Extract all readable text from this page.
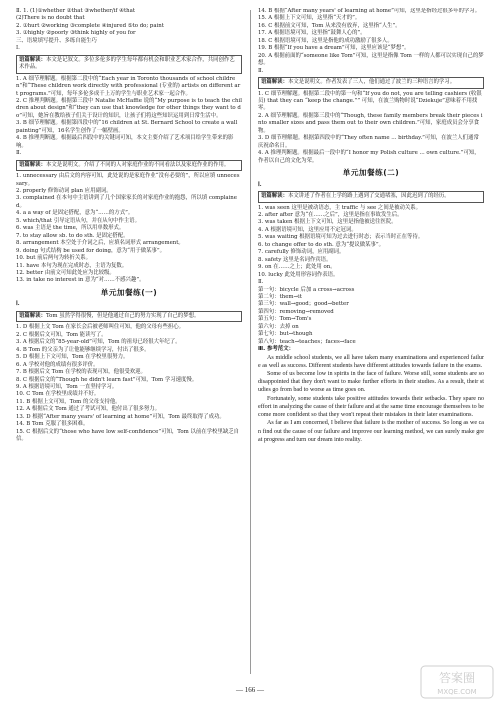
Ⅱ. 1. (1)①whether ②that ③whether/if ④that

(2)There is no doubt that

2. ①hurt ②working ③complete ④injured ⑤to do; paint

3. ①highly ②poorly ③think highly of you for

三、语境填写提升、多练自能生巧

Ⅰ.

语篇解读：本文是记叙文。多位多伦多的学生每年都有机会和职业艺术家合作，共同创作艺术作品。

1. A 细节理解题。根据第二段中的“Each year in Toronto thousands of school children”和“These children work directly with professional (专业的) artists on different art programs.”可知，每年多伦多成千上万的学生与职业艺术家一起合作。

2. C 推理判断题。根据第三段中 Natalie McHaffie 说的“My purpose is to teach the children about design”和“they can use that knowledge for other things they want to do”可知，她旨在教给孩子们关于设计的知识，让孩子们将这些知识运用到日常生活中。

3. B 细节理解题。根据第四段中的“16 children at St. Bernard School to create a wall painting”可知，16名学生创作了一幅壁画。

4. B 推理判断题。根据最后四段中的关键词可知，本文主要介绍了艺术项目给学生带来的影响。

Ⅱ.

语篇解读：本文是说明文。介绍了不同的人对家庭作业的不同看法以及家庭作业的作用。

1. unnecessary 由后文的内容可知，此处说的是家庭作业“没有必要的”，所以应填 unnecessary。

2. properly 修饰动词 plan 应用副词。

3. complained 在本句中主语讲到了几个国家家长的对家庭作业的抱怨，所以填 complained。

4. a a way of 是固定搭配，意为“……的方式”。

5. which/that 引导定语从句，并在从句中作主语。

6. was 主语是 the time，所以用单数形式。

7. to stay allow sb. to do sth. 是固定搭配。

8. arrangement 本空处于介词之后，应填名词形式 arrangement。

9. doing 句式结构 be used for doing，意为“用于做某事”。

10. but 前后两句为转折关系。

11. have 本句为现在完成时态，主语为复数。

12. better 由前文可知此处应为比较级。

13. in take no interest in 意为“对……不感兴趣”。

单元加餐练(一)
Ⅰ.
语篇解读：Tom 虽然学得很慢，但是他通过自己的努力实现了自己的梦想。

1. D 根据上文 Tom 在家长会后被老师叫住可知，他的父母有些担心。

2. C 根据后文可知，Tom 能读写了。

3. A 根据后文的“85-year-old”可知，Tom 的祖母已经很大年纪了。

4. B Tom 的父亲为了让他能够继续学习，付出了很多。

5. D 根据上下文可知，Tom 在学校里很努力。

6. A 学校对他的成绩有很多评价。

7. B 根据后文 Tom 在学校的表现可知，他很受欢迎。

8. C 根据后文的“Though he didn't learn fast”可知，Tom 学习速度慢。

9. A 根据语境可知，Tom 一直坚持学习。

10. C Tom 在学校里成绩并不好。

11. B 根据上文可知，Tom 的父母支持他。

12. A 根据后文 Tom 通过了考试可知，他付出了很多努力。

13. D 根据“After many years' of learning at home”可知，Tom 最终取得了成功。

14. B Tom 克服了很多困难。

15. C 根据后文的“those who have low self-confidence”可知，Tom 以前在学校里缺乏自信。

14. B 根据“After many years' of learning at home”可知，这里是指经过很多年的学习。

15. A 根据上下文可知，这里指“天才的”。

16. C 根据前文可知，Tom 从来没有放弃，这里指“人生”。

17. A 根据语境可知，这里指“鼓舞人心的”。

18. C 根据语境可知，这里是指他的成功激励了很多人。

19. B 根据“If you have a dream”可知，这里应该是“梦想”。

20. A 根据前面的“someone like Tom”可知，这里是指像 Tom 一样的人都可以实现自己的梦想。

Ⅱ.

语篇解读：本文是说明文。作者发表了三人，他们通过了波兰的三种语言的学习。

1. C 细节理解题。根据第二段中的第一句和“If you do not, you are telling cashiers (收银员) that they can “keep the change.”” 可知，在波兰购物时说“Dziekuje”意味着不用找零。

2. A 细节理解题。根据第三段中的“Though, these family members break their pieces into smaller sizes and pass them out to their own children.”可知，家庭成员会分享食物。

3. D 细节理解题。根据第四段中的“They often name ... birthday.”可知，在波兰人们通常庆祝命名日。

4. A 推理判断题。根据最后一段中的“I honor my Polish culture ... own culture.”可知，作者以自己的文化为荣。

单元加餐练(二)
Ⅰ.
语篇解读：本文讲述了作者在上学的路上遇到了交通堵塞，因此迟到了的经历。

1. was seen 这里是被动语态，主 traffic 与 see 之间是被动关系。

2. after after 意为“在……之后”，这里是指在事故发生后。

3. was taken 根据上下文可知，这里是指他被送往医院。

4. A 根据语境可知，这里应用不定冠词。

5. was waiting 根据语境可知为过去进行时态；表示当时正在等待。

6. to change offer to do sth. 意为“提议做某事”。

7. carefully 修饰动词，应用副词。

8. safety 这里是名词作宾语。

9. on 在……之上；此处用 on。

10. lucky 此处用形容词作表语。

Ⅱ.

第一句：bicycle 后加 a cross→across

第二句：them→it

第三句：wall→good；good→better

第四句：removing→removed

第五句：Tom→Tom's

第六句：去掉 on

第七句：but→though

第八句：teach→teaches；faces→face

Ⅲ. 参考范文：

As middle school students, we all have taken many examinations and experienced failure as well as success. Different students have different attitudes towards failure in the exams.

Some of us become low in spirits in the face of failure. Worse still, some students are so disappointed that they don't want to make further efforts in their studies. As a result, their studies go from bad to worse as time goes on.

Fortunately, some students take positive attitudes towards their setbacks. They spare no effort in analyzing the cause of their failure and at the same time encourage themselves to become more confident so that they won't repeat their mistakes in their later examinations.

As far as I am concerned, I believe that failure is the mother of success. So long as we can find out the cause of our failure and improve our learning method, we can surely make great progress and turn our dream into reality.

— 166 —
答案圈
MXQE.COM
